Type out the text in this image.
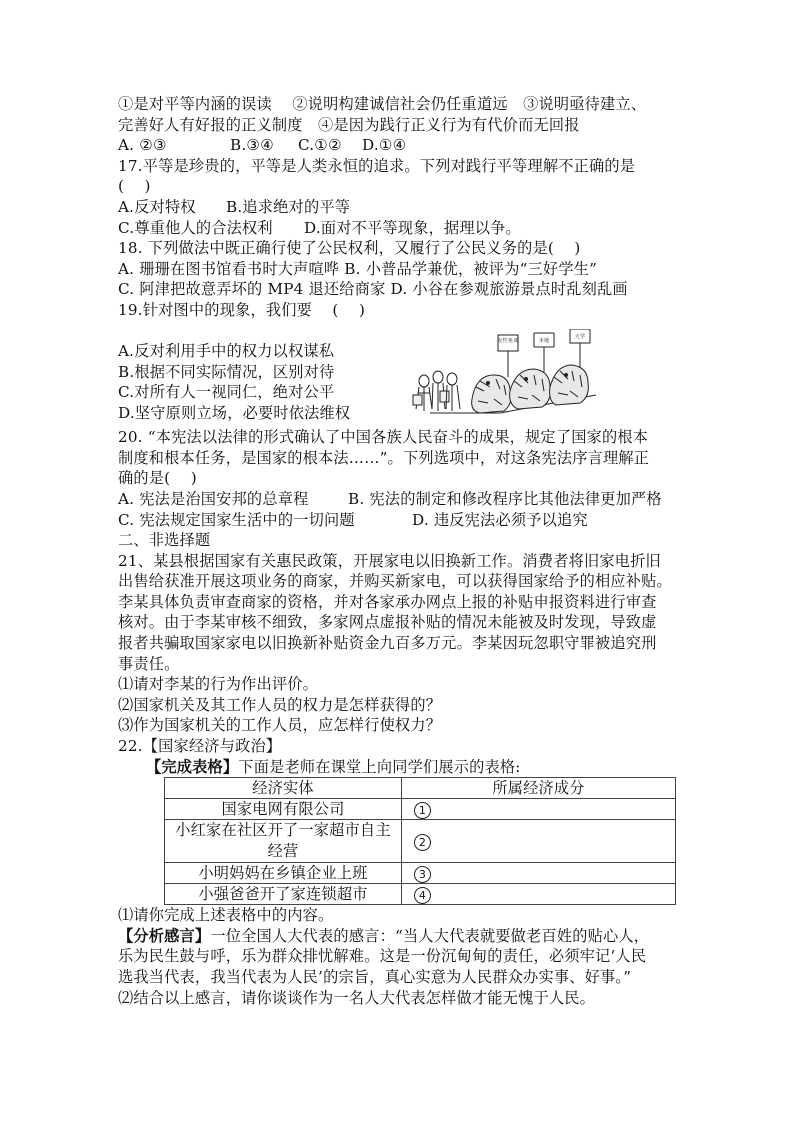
①是对平等内涵的误读　 ②说明构建诚信社会仍任重道远　③说明亟待建立、
完善好人有好报的正义制度　④是因为践行正义行为有代价而无回报
A. ②③	B.③④	C.①②	D.①④
17.平等是珍贵的，平等是人类永恒的追求。下列对践行平等理解不正确的是
(　 )
A.反对特权	B.追求绝对的平等
C.尊重他人的合法权利	D.面对不平等现象，据理以争。
18. 下列做法中既正确行使了公民权利，又履行了公民义务的是(　 )
A. 珊珊在图书馆看书时大声喧哗 B. 小普品学兼优，被评为“三好学生”
C. 阿津把故意弄坏的 MP4 退还给商家 D. 小谷在参观旅游景点时乱刻乱画
19.针对图中的现象，我们要　 (　 )
A.反对利用手中的权力以权谋私
B.根据不同实际情况，区别对待
C.对所有人一视同仁，绝对公平
D.坚守原则立场，必要时依法维权
女性免谈	本地
大学
20. “本宪法以法律的形式确认了中国各族人民奋斗的成果，规定了国家的根本
制度和根本任务，是国家的根本法……”。下列选项中，对这条宪法序言理解正
确的是(　 )
A. 宪法是治国安邦的总章程	B. 宪法的制定和修改程序比其他法律更加严格
C. 宪法规定国家生活中的一切问题	D. 违反宪法必须予以追究
二、非选择题
21、某县根据国家有关惠民政策，开展家电以旧换新工作。消费者将旧家电折旧
出售给获准开展这项业务的商家，并购买新家电，可以获得国家给予的相应补贴。
李某具体负责审查商家的资格，并对各家承办网点上报的补贴申报资料进行审查
核对。由于李某审核不细致，多家网点虚报补贴的情况未能被及时发现，导致虚
报者共骗取国家家电以旧换新补贴资金九百多万元。李某因玩忽职守罪被追究刑
事责任。
⑴请对李某的行为作出评价。
⑵国家机关及其工作人员的权力是怎样获得的？
⑶作为国家机关的工作人员，应怎样行使权力？
22.【国家经济与政治】
【完成表格】下面是老师在课堂上向同学们展示的表格:
经济实体	所属经济成分
国家电网有限公司	1
小红家在社区开了一家超市自主经营	2
小明妈妈在乡镇企业上班	3
小强爸爸开了家连锁超市	4
⑴请你完成上述表格中的内容。
【分析感言】一位全国人大代表的感言：“当人大代表就要做老百姓的贴心人，
乐为民生鼓与呼，乐为群众排忧解难。这是一份沉甸甸的责任，必须牢记‘人民
选我当代表，我当代表为人民’的宗旨，真心实意为人民群众办实事、好事。”
⑵结合以上感言，请你谈谈作为一名人大代表怎样做才能无愧于人民。
